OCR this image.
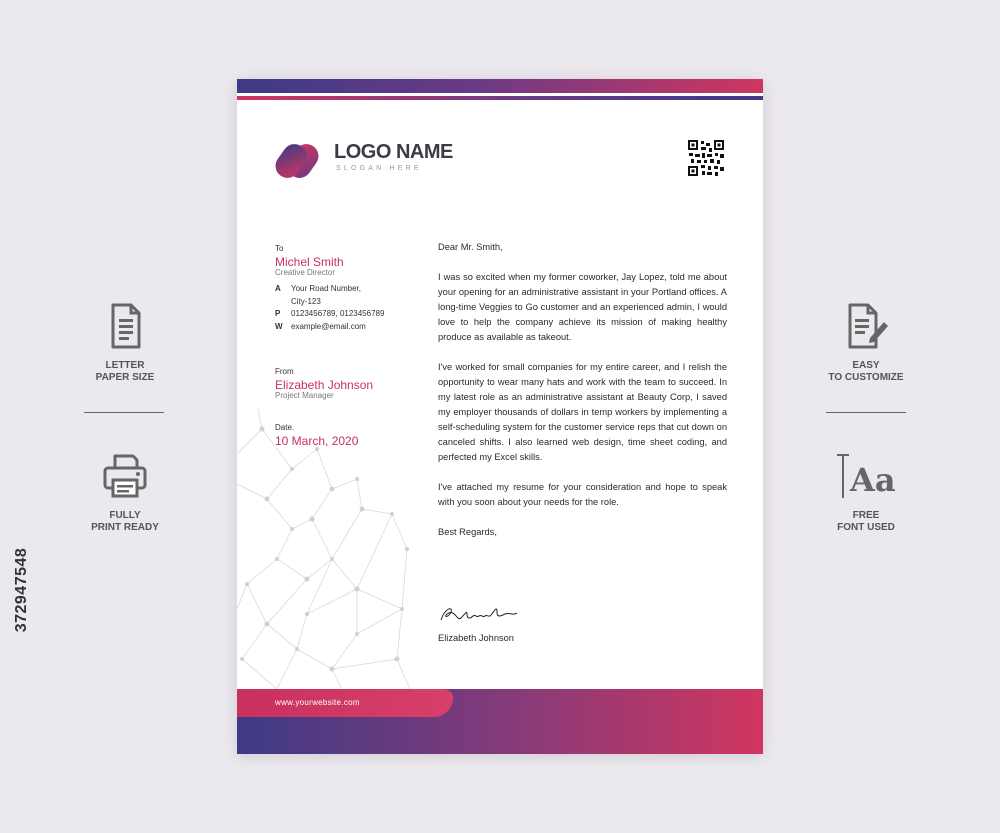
372947548
LETTER
PAPER SIZE
FULLY
PRINT READY
EASY
TO CUSTOMIZE
Aa
FREE
FONT USED
LOGO NAME
SLOGAN HERE
To
Michel Smith
Creative Director
A Your Road Number,
City-123
P 0123456789, 0123456789
W example@email.com
From
Elizabeth Johnson
Project Manager
Date.
10 March, 2020

Dear Mr. Smith,

I was so excited when my former coworker, Jay Lopez, told me about your opening for an administrative assistant in your Portland offices. A long-time Veggies to Go customer and an experienced admin, I would love to help the company achieve its mission of making healthy produce as available as takeout.

I've worked for small companies for my entire career, and I relish the opportunity to wear many hats and work with the team to succeed. In my latest role as an administrative assistant at Beauty Corp, I saved my employer thousands of dollars in temp workers by implementing a self-scheduling system for the customer service reps that cut down on canceled shifts. I also learned web design, time sheet coding, and perfected my Excel skills.

I've attached my resume for your consideration and hope to speak with you soon about your needs for the role.

Best Regards,

Elizabeth Johnson
www.yourwebsite.com
